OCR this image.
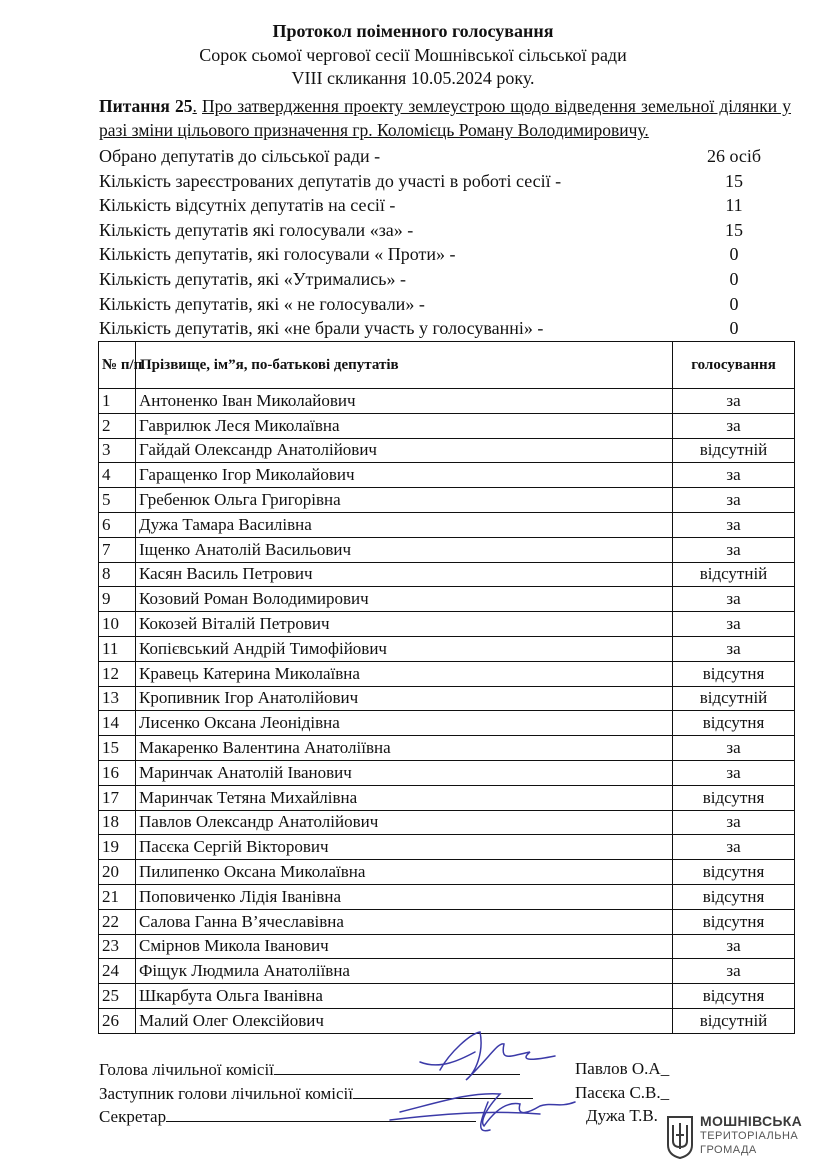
Протокол поіменного голосування
Сорок сьомої чергової сесії Мошнівської сільської ради
VIII скликання 10.05.2024 року.
Питання 25. Про затвердження проекту землеустрою щодо відведення земельної ділянки у разі зміни цільового призначення гр. Коломієць Роману Володимировичу.
Обрано депутатів до сільської ради -	26 осіб
Кількість зареєстрованих депутатів до участі в роботі сесії -	15
Кількість відсутніх депутатів на сесії -	11
Кількість депутатів які голосували «за» -	15
Кількість депутатів, які голосували « Проти» -	0
Кількість депутатів, які «Утримались» -	0
Кількість депутатів, які « не голосували» -	0
Кількість депутатів, які «не брали участь у голосуванні» -	0
№ п/п	Прізвище, ім”я, по-батькові депутатів	голосування
1	Антоненко Іван Миколайович	за
2	Гаврилюк Леся Миколаївна	за
3	Гайдай Олександр Анатолійович	відсутній
4	Гаращенко Ігор Миколайович	за
5	Гребенюк Ольга Григорівна	за
6	Дужа Тамара Василівна	за
7	Іщенко Анатолій Васильович	за
8	Касян Василь Петрович	відсутній
9	Козовий Роман Володимирович	за
10	Кокозей Віталій Петрович	за
11	Копієвський Андрій Тимофійович	за
12	Кравець Катерина Миколаївна	відсутня
13	Кропивник Ігор Анатолійович	відсутній
14	Лисенко Оксана Леонідівна	відсутня
15	Макаренко Валентина Анатоліївна	за
16	Маринчак Анатолій Іванович	за
17	Маринчак Тетяна Михайлівна	відсутня
18	Павлов Олександр Анатолійович	за
19	Пасєка Сергій Вікторович	за
20	Пилипенко Оксана Миколаївна	відсутня
21	Поповиченко Лідія Іванівна	відсутня
22	Салова Ганна В’ячеславівна	відсутня
23	Смірнов Микола Іванович	за
24	Фіщук Людмила Анатоліївна	за
25	Шкарбута Ольга Іванівна	відсутня
26	Малий Олег Олексійович	відсутній
Голова лічильної комісії	Павлов О.А_
Заступник голови лічильної комісії	Пасєка С.В._
Секретар	Дужа Т.В.	МОШНІВСЬКА
ТЕРИТОРІАЛЬНА
ГРОМАДА
